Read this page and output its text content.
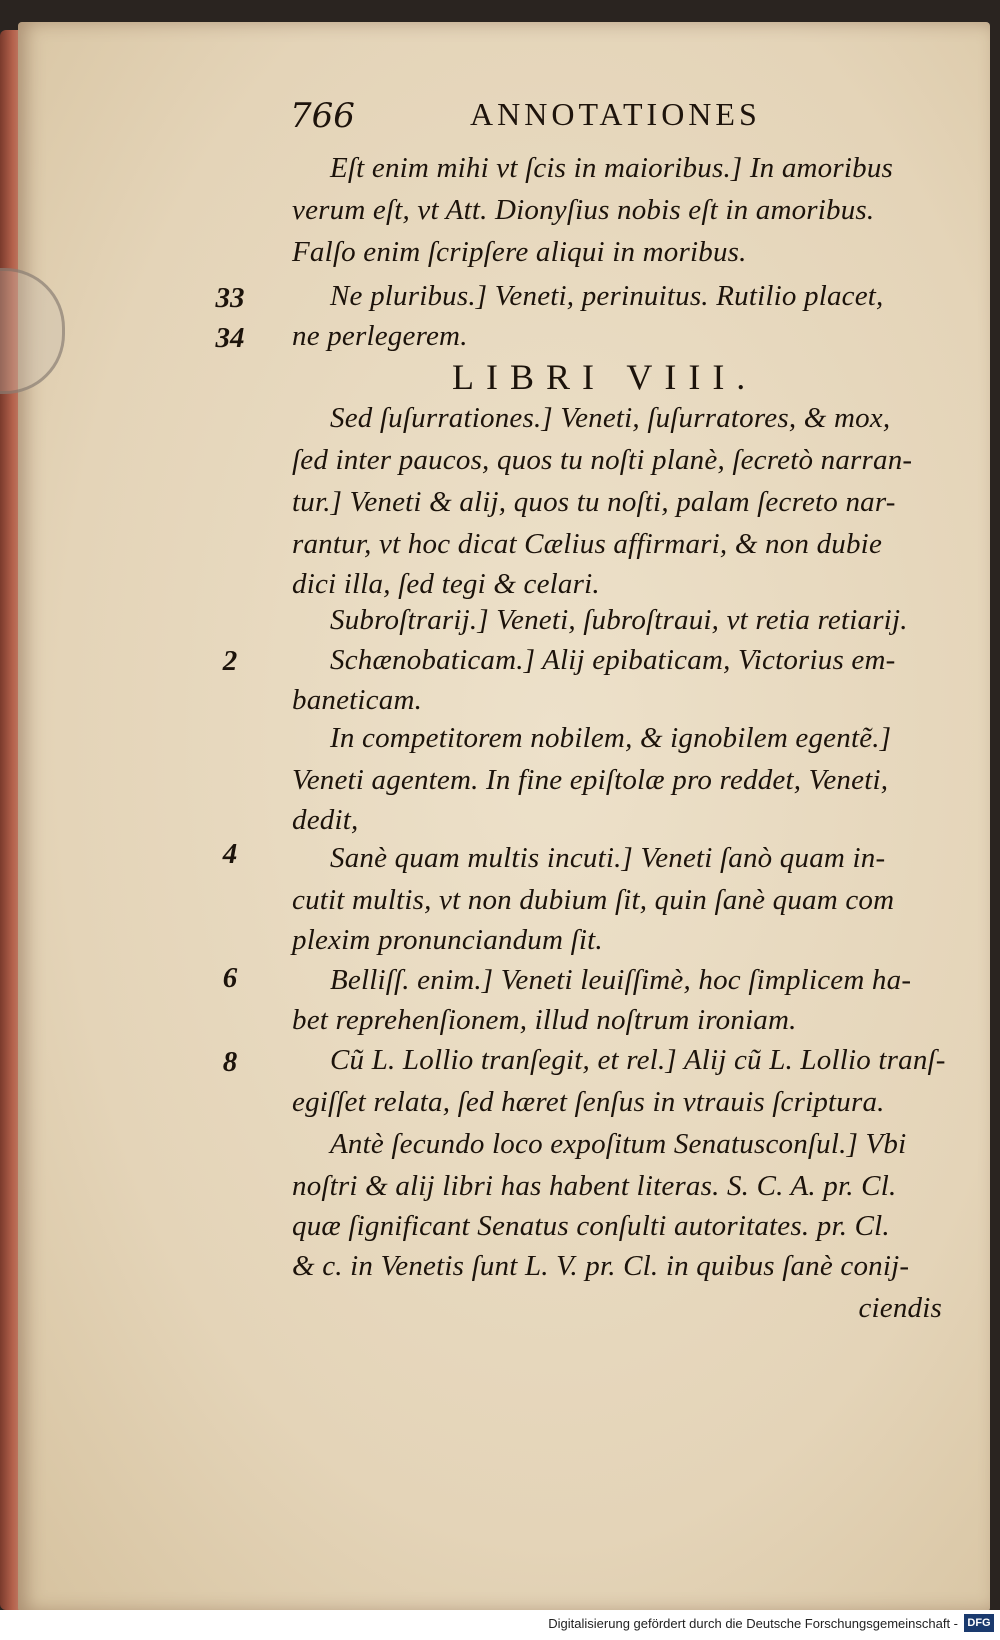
766	ANNOTATIONES
33
34
2
4
6
8
Eſt enim mihi vt ſcis in maioribus.] In amoribus
verum eſt, vt Att. Dionyſius nobis eſt in amoribus.
Falſo enim ſcripſere aliqui in moribus.
Ne pluribus.] Veneti, perinuitus. Rutilio placet,
ne perlegerem.
LIBRI VIII.
Sed ſuſurrationes.] Veneti, ſuſurratores, & mox,
ſed inter paucos, quos tu noſti planè, ſecretò narran-
tur.] Veneti & alij, quos tu noſti, palam ſecreto nar-
rantur, vt hoc dicat Cælius affirmari, & non dubie
dici illa, ſed tegi & celari.
Subroſtrarij.] Veneti, ſubroſtraui, vt retia retiarij.
Schænobaticam.] Alij epibaticam, Victorius em-
baneticam.
In competitorem nobilem, & ignobilem egentẽ.]
Veneti agentem. In fine epiſtolæ pro reddet, Veneti,
dedit,
Sanè quam multis incuti.] Veneti ſanò quam in-
cutit multis, vt non dubium ſit, quin ſanè quam com
plexim pronunciandum ſit.
Belliſſ. enim.] Veneti leuiſſimè, hoc ſimplicem ha-
bet reprehenſionem, illud noſtrum ironiam.
Cũ L. Lollio tranſegit, et rel.] Alij cũ L. Lollio tranſ-
egiſſet relata, ſed hæret ſenſus in vtrauis ſcriptura.
Antè ſecundo loco expoſitum Senatusconſul.] Vbi
noſtri & alij libri has habent literas. S. C. A. pr. Cl.
quæ ſignificant Senatus conſulti autoritates. pr. Cl.
& c. in Venetis ſunt L. V. pr. Cl. in quibus ſanè conij-
ciendis
Digitalisierung gefördert durch die Deutsche Forschungsgemeinschaft - DFG
